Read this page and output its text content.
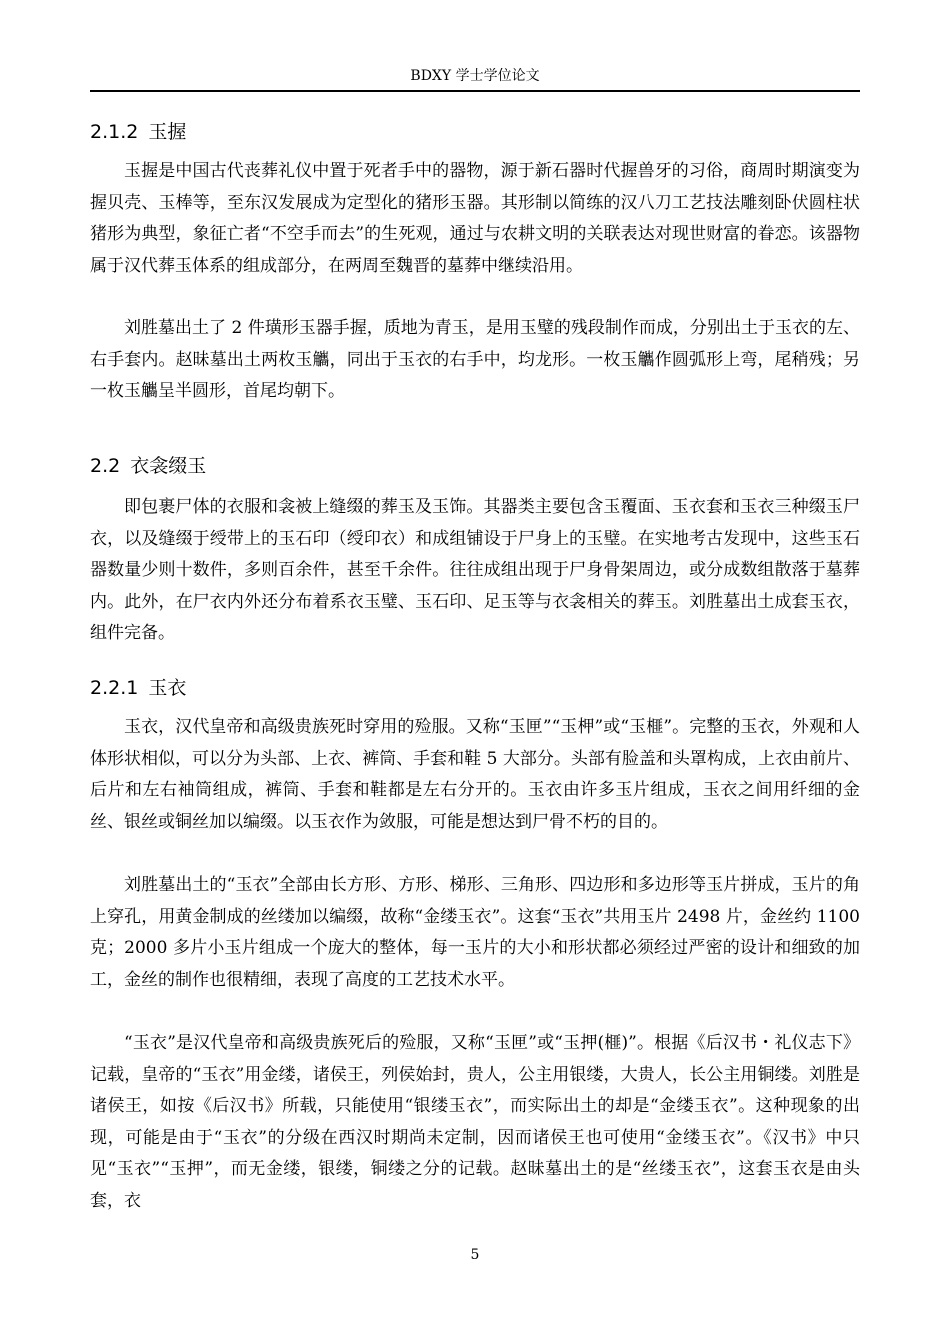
BDXY 学士学位论文
2.1.2 玉握

玉握是中国古代丧葬礼仪中置于死者手中的器物，源于新石器时代握兽牙的习俗，商周时期演变为握贝壳、玉棒等，至东汉发展成为定型化的猪形玉器。其形制以简练的汉八刀工艺技法雕刻卧伏圆柱状猪形为典型，象征亡者“不空手而去”的生死观，通过与农耕文明的关联表达对现世财富的眷恋。该器物属于汉代葬玉体系的组成部分，在两周至魏晋的墓葬中继续沿用。

刘胜墓出土了 2 件璜形玉器手握，质地为青玉，是用玉璧的残段制作而成，分别出土于玉衣的左、右手套内。赵昧墓出土两枚玉觿，同出于玉衣的右手中，均龙形。一枚玉觿作圆弧形上弯，尾稍残；另一枚玉觿呈半圆形，首尾均朝下。

2.2 衣衾缀玉

即包裹尸体的衣服和衾被上缝缀的葬玉及玉饰。其器类主要包含玉覆面、玉衣套和玉衣三种缀玉尸衣，以及缝缀于绶带上的玉石印（绶印衣）和成组铺设于尸身上的玉璧。在实地考古发现中，这些玉石器数量少则十数件，多则百余件，甚至千余件。往往成组出现于尸身骨架周边，或分成数组散落于墓葬内。此外，在尸衣内外还分布着系衣玉璧、玉石印、足玉等与衣衾相关的葬玉。刘胜墓出土成套玉衣，组件完备。

2.2.1 玉衣

玉衣，汉代皇帝和高级贵族死时穿用的殓服。又称“玉匣”“玉柙”或“玉榧”。完整的玉衣，外观和人体形状相似，可以分为头部、上衣、裤筒、手套和鞋 5 大部分。头部有脸盖和头罩构成，上衣由前片、后片和左右袖筒组成，裤筒、手套和鞋都是左右分开的。玉衣由许多玉片组成，玉衣之间用纤细的金丝、银丝或铜丝加以编缀。以玉衣作为敛服，可能是想达到尸骨不朽的目的。

刘胜墓出土的“玉衣”全部由长方形、方形、梯形、三角形、四边形和多边形等玉片拼成，玉片的角上穿孔，用黄金制成的丝缕加以编缀，故称“金缕玉衣”。这套“玉衣”共用玉片 2498 片，金丝约 1100 克；2000 多片小玉片组成一个庞大的整体，每一玉片的大小和形状都必须经过严密的设计和细致的加工，金丝的制作也很精细，表现了高度的工艺技术水平。

“玉衣”是汉代皇帝和高级贵族死后的殓服，又称“玉匣”或“玉押(榧)”。根据《后汉书・礼仪志下》记载，皇帝的“玉衣”用金缕，诸侯王，列侯始封，贵人，公主用银缕，大贵人，长公主用铜缕。刘胜是诸侯王，如按《后汉书》所载，只能使用“银缕玉衣”，而实际出土的却是“金缕玉衣”。这种现象的出现，可能是由于“玉衣”的分级在西汉时期尚未定制，因而诸侯王也可使用“金缕玉衣”。《汉书》中只见“玉衣”“玉押”，而无金缕，银缕，铜缕之分的记载。赵昧墓出土的是“丝缕玉衣”，这套玉衣是由头套，衣

5
